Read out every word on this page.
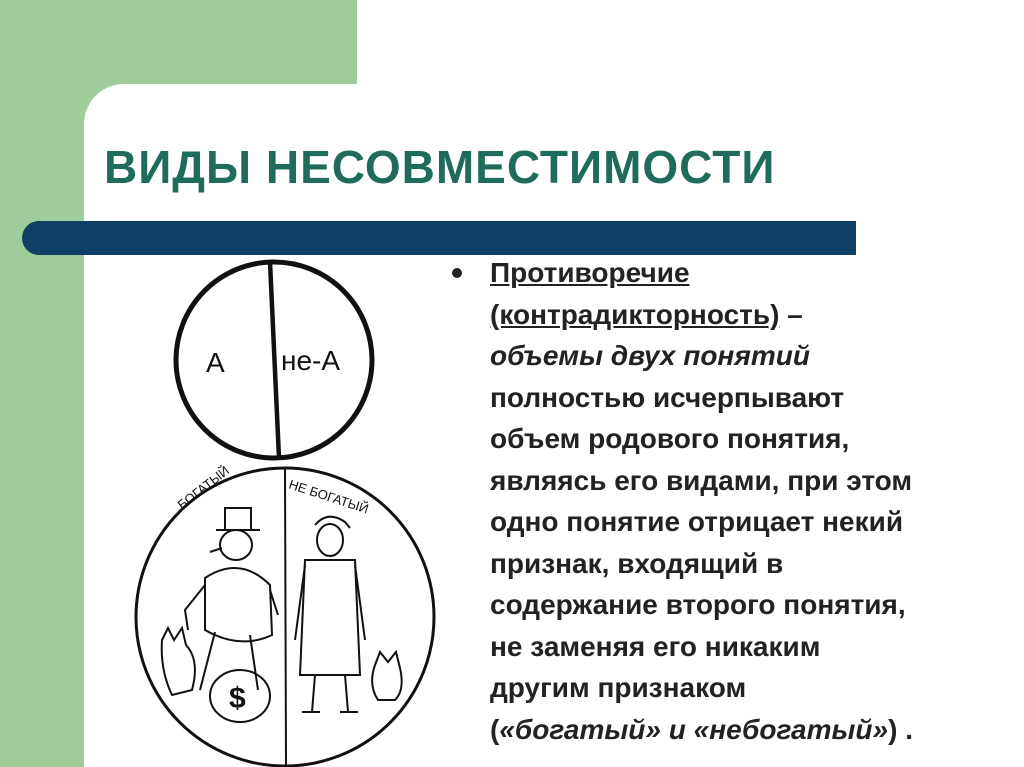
ВИДЫ НЕСОВМЕСТИМОСТИ
А не-А
БОГАТЫЙ	НЕ БОГАТЫЙ
$
Противоречие
(контрадикторность) –
объемы двух понятий
полностью исчерпывают
объем родового понятия,
являясь его видами, при этом
одно понятие отрицает некий
признак, входящий в
содержание второго понятия,
не заменяя его никаким
другим признаком
(«богатый» и «небогатый») .
